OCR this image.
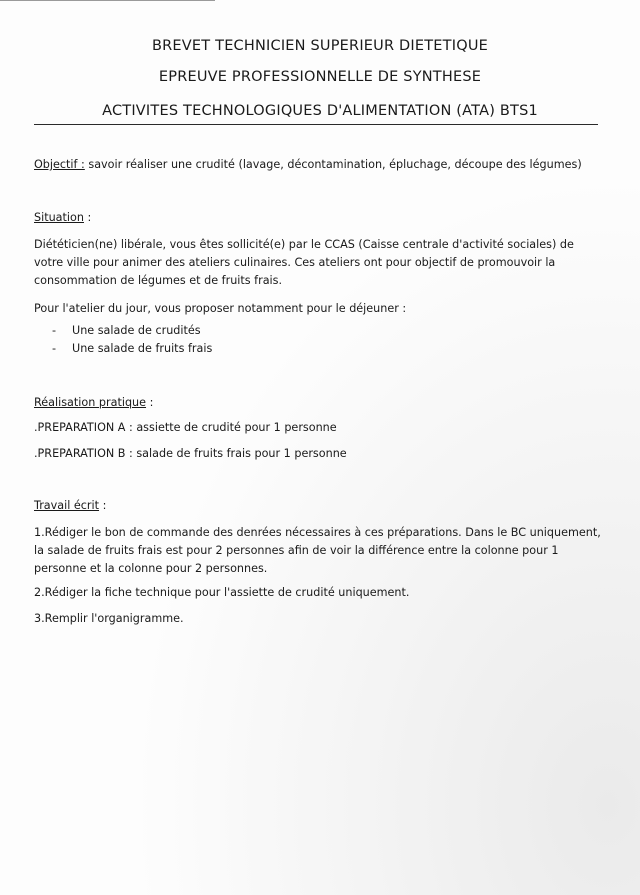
BREVET TECHNICIEN SUPERIEUR DIETETIQUE
EPREUVE PROFESSIONNELLE DE SYNTHESE
ACTIVITES TECHNOLOGIQUES D'ALIMENTATION (ATA) BTS1
Objectif : savoir réaliser une crudité (lavage, décontamination, épluchage, découpe des légumes)
Situation :
Diététicien(ne) libérale, vous êtes sollicité(e) par le CCAS (Caisse centrale d'activité sociales) de votre ville pour animer des ateliers culinaires. Ces ateliers ont pour objectif de promouvoir la consommation de légumes et de fruits frais.
Pour l'atelier du jour, vous proposer notamment pour le déjeuner :
-	Une salade de crudités
-	Une salade de fruits frais
Réalisation pratique :
.PREPARATION A : assiette de crudité pour 1 personne
.PREPARATION B : salade de fruits frais pour 1 personne
Travail écrit :
1.Rédiger le bon de commande des denrées nécessaires à ces préparations. Dans le BC uniquement, la salade de fruits frais est pour 2 personnes afin de voir la différence entre la colonne pour 1 personne et la colonne pour 2 personnes.
2.Rédiger la fiche technique pour l'assiette de crudité uniquement.
3.Remplir l'organigramme.
